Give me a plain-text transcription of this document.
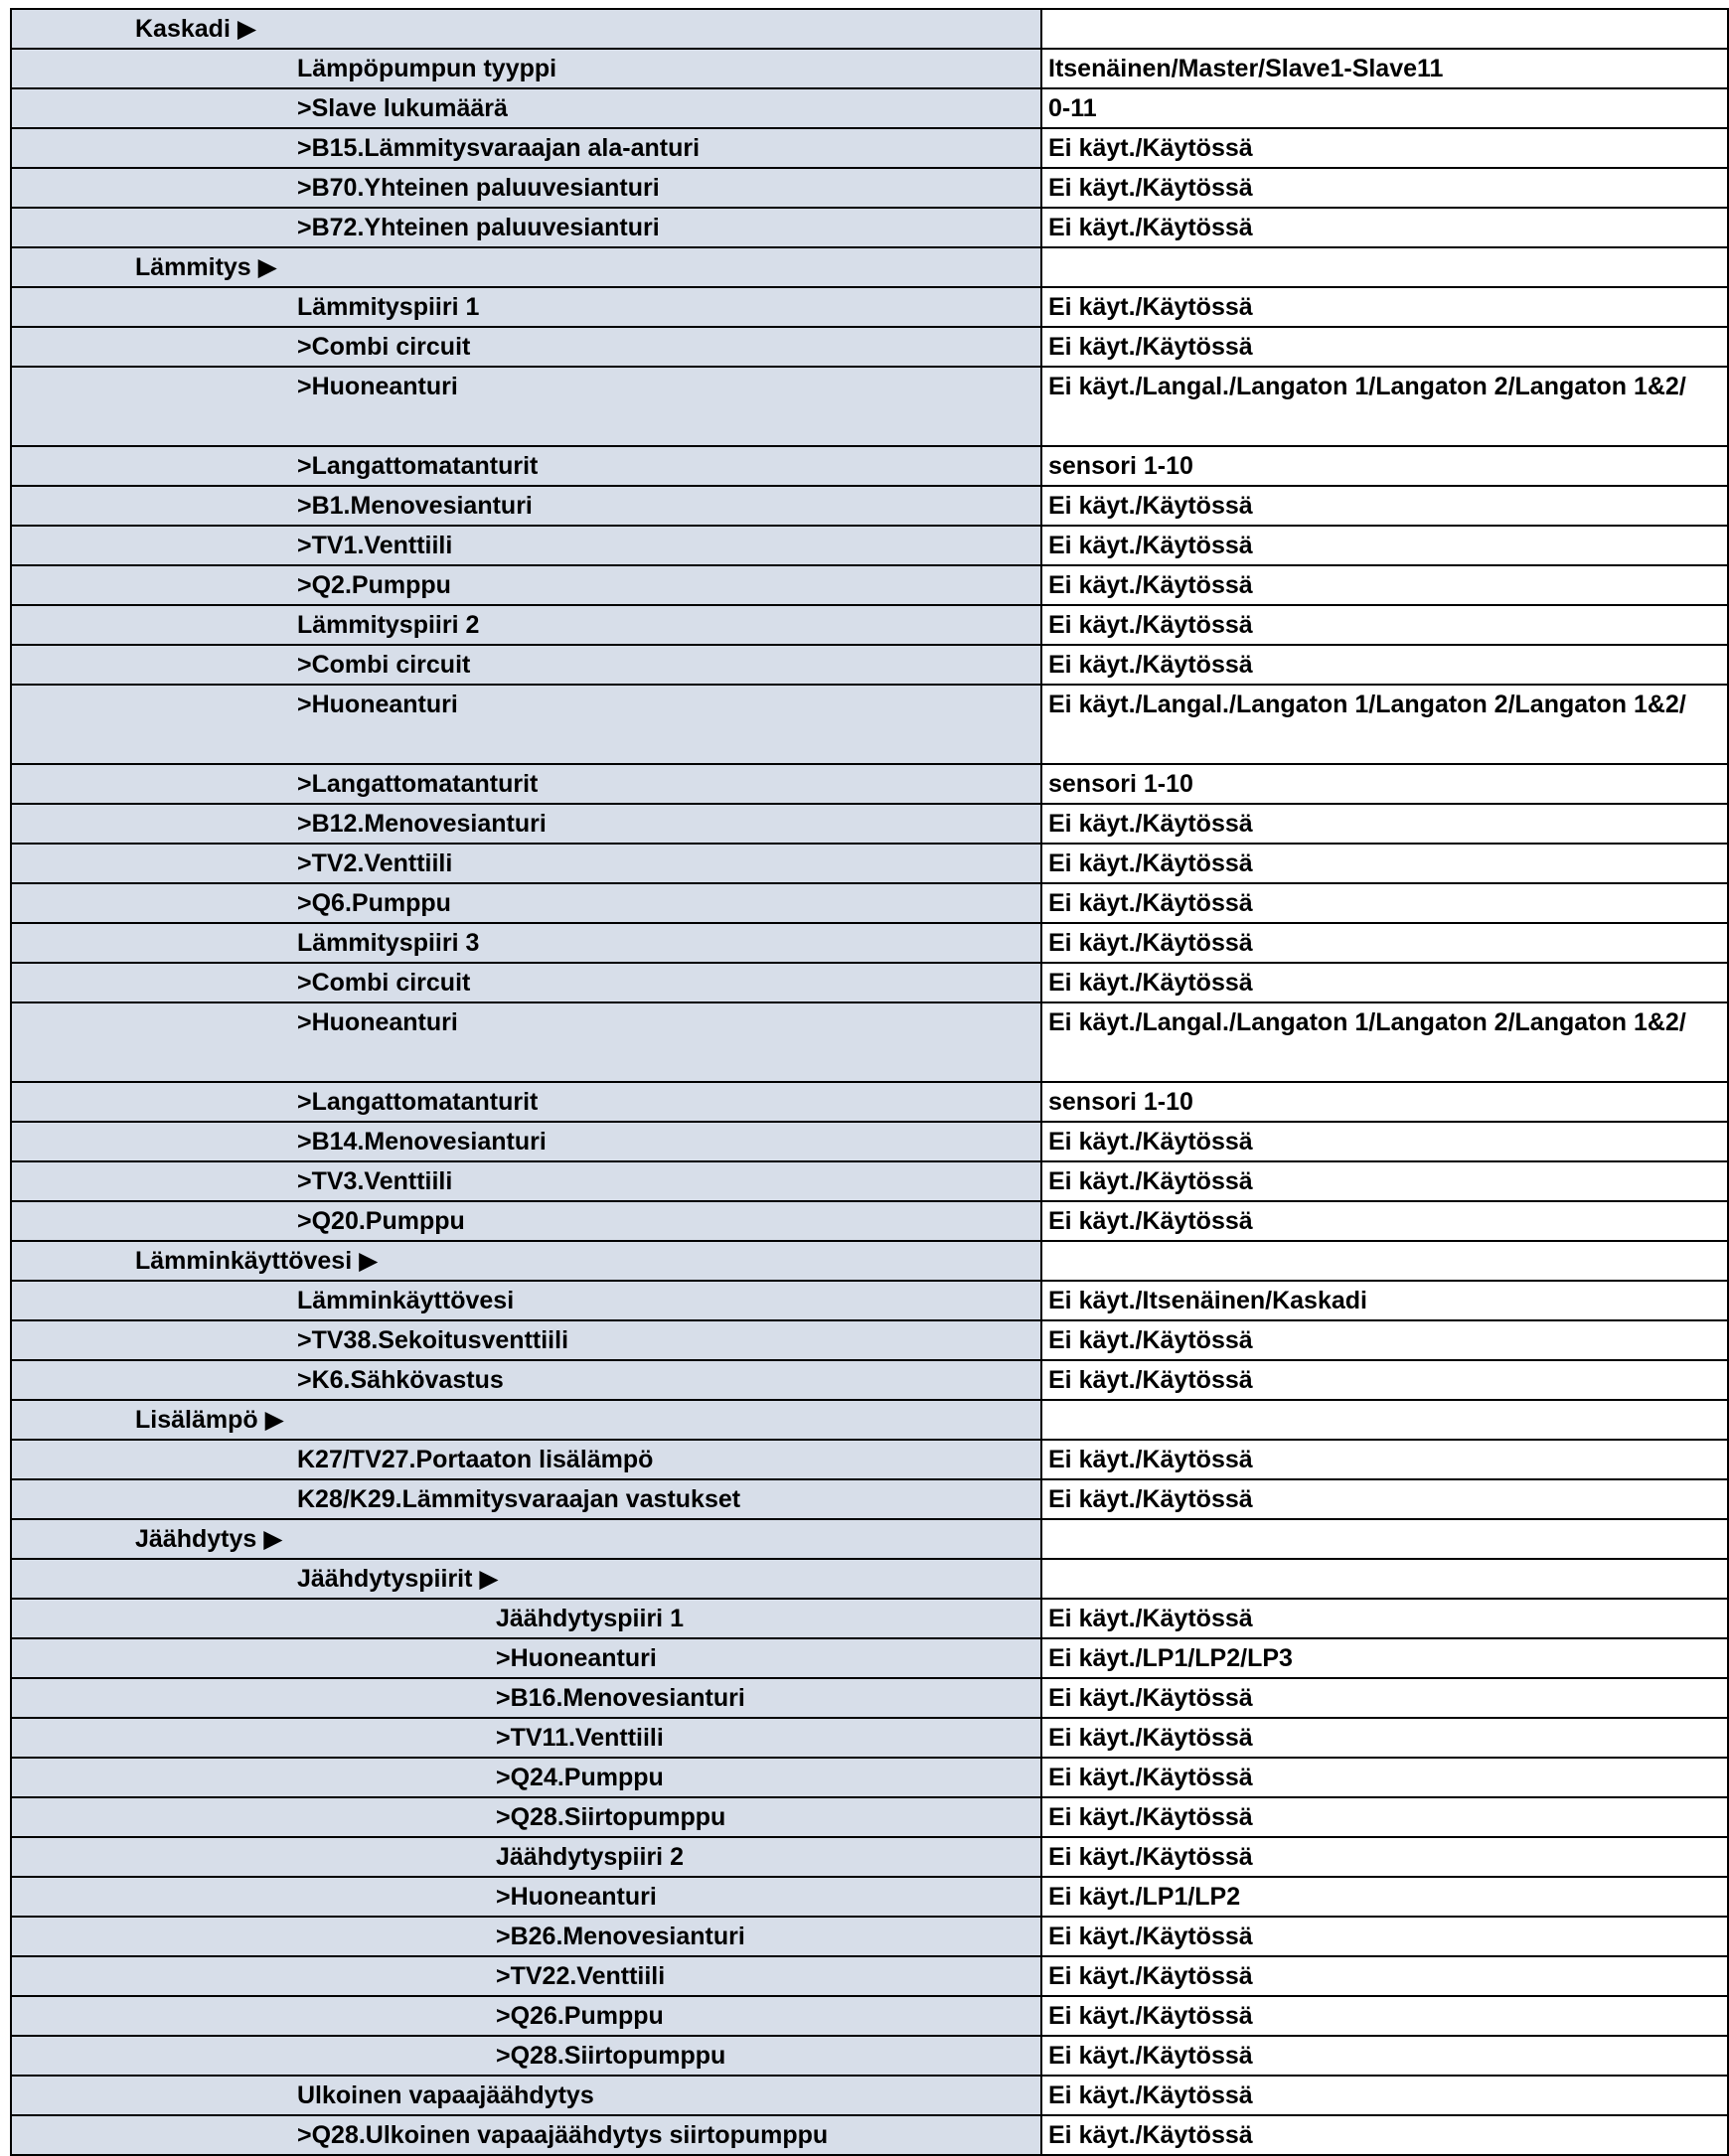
Kaskadi ▶	
Lämpöpumpun tyyppi	Itsenäinen/Master/Slave1-Slave11
>Slave lukumäärä	0-11
>B15.Lämmitysvaraajan ala-anturi	Ei käyt./Käytössä
>B70.Yhteinen paluuvesianturi	Ei käyt./Käytössä
>B72.Yhteinen paluuvesianturi	Ei käyt./Käytössä
Lämmitys ▶	
Lämmityspiiri 1	Ei käyt./Käytössä
>Combi circuit	Ei käyt./Käytössä
>Huoneanturi	Ei käyt./Langal./Langaton 1/Langaton 2/Langaton 1&2/
>Langattomatanturit	sensori 1-10
>B1.Menovesianturi	Ei käyt./Käytössä
>TV1.Venttiili	Ei käyt./Käytössä
>Q2.Pumppu	Ei käyt./Käytössä
Lämmityspiiri 2	Ei käyt./Käytössä
>Combi circuit	Ei käyt./Käytössä
>Huoneanturi	Ei käyt./Langal./Langaton 1/Langaton 2/Langaton 1&2/
>Langattomatanturit	sensori 1-10
>B12.Menovesianturi	Ei käyt./Käytössä
>TV2.Venttiili	Ei käyt./Käytössä
>Q6.Pumppu	Ei käyt./Käytössä
Lämmityspiiri 3	Ei käyt./Käytössä
>Combi circuit	Ei käyt./Käytössä
>Huoneanturi	Ei käyt./Langal./Langaton 1/Langaton 2/Langaton 1&2/
>Langattomatanturit	sensori 1-10
>B14.Menovesianturi	Ei käyt./Käytössä
>TV3.Venttiili	Ei käyt./Käytössä
>Q20.Pumppu	Ei käyt./Käytössä
Lämminkäyttövesi ▶	
Lämminkäyttövesi	Ei käyt./Itsenäinen/Kaskadi
>TV38.Sekoitusventtiili	Ei käyt./Käytössä
>K6.Sähkövastus	Ei käyt./Käytössä
Lisälämpö ▶	
K27/TV27.Portaaton lisälämpö	Ei käyt./Käytössä
K28/K29.Lämmitysvaraajan vastukset	Ei käyt./Käytössä
Jäähdytys ▶	
Jäähdytyspiirit ▶	
Jäähdytyspiiri 1	Ei käyt./Käytössä
>Huoneanturi	Ei käyt./LP1/LP2/LP3
>B16.Menovesianturi	Ei käyt./Käytössä
>TV11.Venttiili	Ei käyt./Käytössä
>Q24.Pumppu	Ei käyt./Käytössä
>Q28.Siirtopumppu	Ei käyt./Käytössä
Jäähdytyspiiri 2	Ei käyt./Käytössä
>Huoneanturi	Ei käyt./LP1/LP2
>B26.Menovesianturi	Ei käyt./Käytössä
>TV22.Venttiili	Ei käyt./Käytössä
>Q26.Pumppu	Ei käyt./Käytössä
>Q28.Siirtopumppu	Ei käyt./Käytössä
Ulkoinen vapaajäähdytys	Ei käyt./Käytössä
>Q28.Ulkoinen vapaajäähdytys siirtopumppu	Ei käyt./Käytössä
